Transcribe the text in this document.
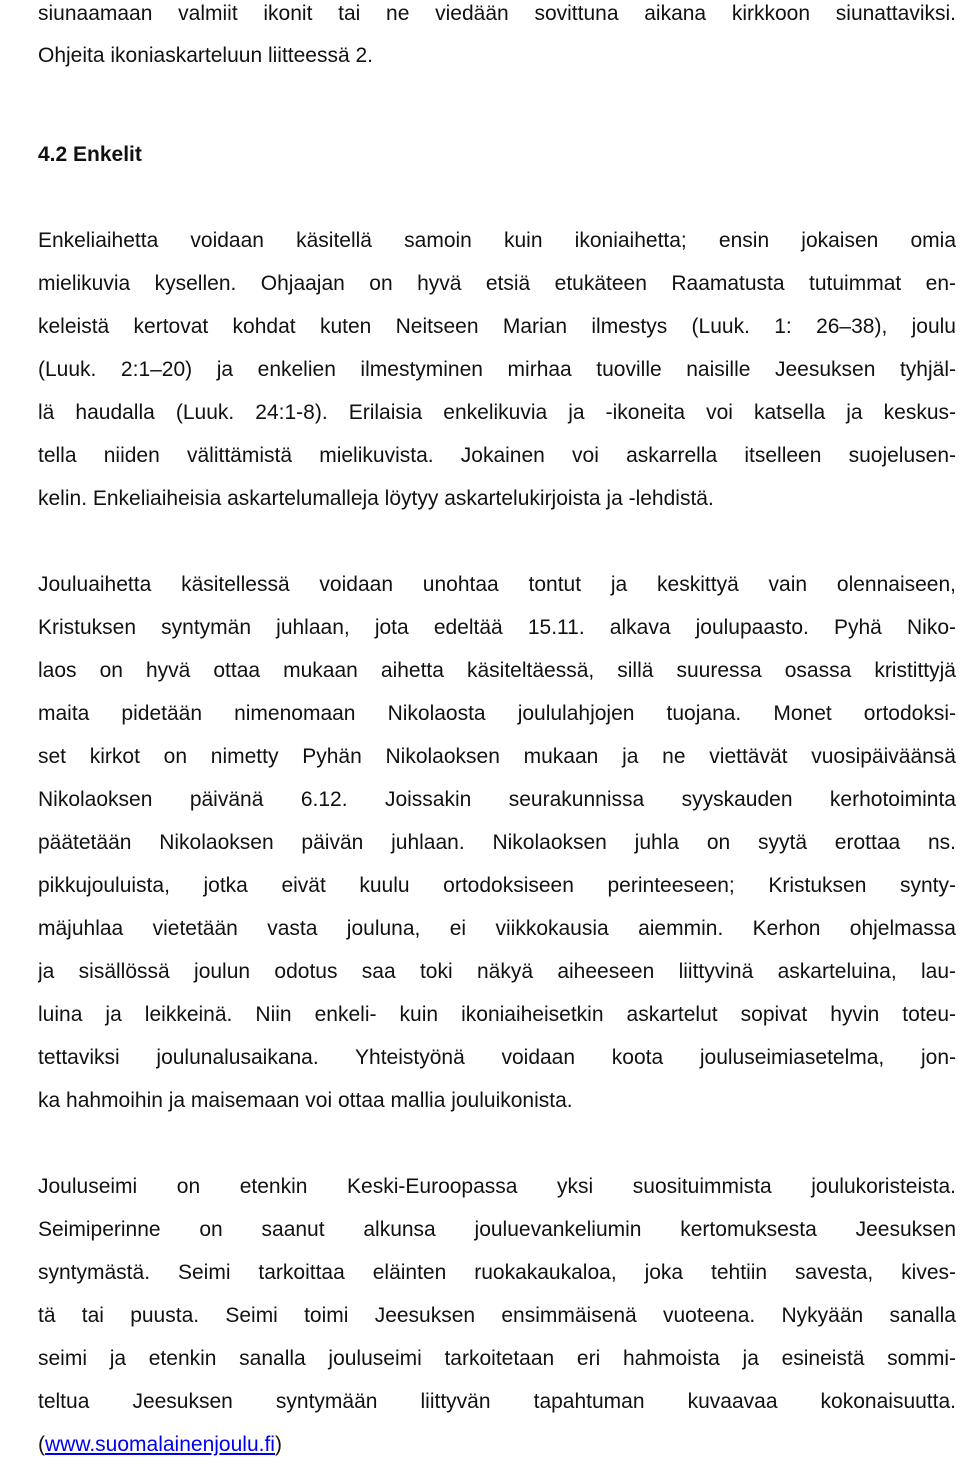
siunaamaan valmiit ikonit tai ne viedään sovittuna aikana kirkkoon siunattaviksi.
Ohjeita ikoniaskarteluun liitteessä 2.
4.2 Enkelit
Enkeliaihetta voidaan käsitellä samoin kuin ikoniaihetta; ensin jokaisen omia
mielikuvia kysellen. Ohjaajan on hyvä etsiä etukäteen Raamatusta tutuimmat en-
keleistä kertovat kohdat kuten Neitseen Marian ilmestys (Luuk. 1: 26–38), joulu
(Luuk. 2:1–20) ja enkelien ilmestyminen mirhaa tuoville naisille Jeesuksen tyhjäl-
lä haudalla (Luuk. 24:1-8). Erilaisia enkelikuvia ja -ikoneita voi katsella ja keskus-
tella niiden välittämistä mielikuvista. Jokainen voi askarrella itselleen suojelusen-
kelin. Enkeliaiheisia askartelumalleja löytyy askartelukirjoista ja -lehdistä.
Jouluaihetta käsitellessä voidaan unohtaa tontut ja keskittyä vain olennaiseen,
Kristuksen syntymän juhlaan, jota edeltää 15.11. alkava joulupaasto. Pyhä Niko-
laos on hyvä ottaa mukaan aihetta käsiteltäessä, sillä suuressa osassa kristittyjä
maita pidetään nimenomaan Nikolaosta joululahjojen tuojana. Monet ortodoksi-
set kirkot on nimetty Pyhän Nikolaoksen mukaan ja ne viettävät vuosipäiväänsä
Nikolaoksen päivänä 6.12. Joissakin seurakunnissa syyskauden kerhotoiminta
päätetään Nikolaoksen päivän juhlaan. Nikolaoksen juhla on syytä erottaa ns.
pikkujouluista, jotka eivät kuulu ortodoksiseen perinteeseen; Kristuksen synty-
mäjuhlaa vietetään vasta jouluna, ei viikkokausia aiemmin. Kerhon ohjelmassa
ja sisällössä joulun odotus saa toki näkyä aiheeseen liittyvinä askarteluina, lau-
luina ja leikkeinä. Niin enkeli- kuin ikoniaiheisetkin askartelut sopivat hyvin toteu-
tettaviksi joulunalusaikana. Yhteistyönä voidaan koota jouluseimiasetelma, jon-
ka hahmoihin ja maisemaan voi ottaa mallia jouluikonista.
Jouluseimi on etenkin Keski-Euroopassa yksi suosituimmista joulukoristeista.
Seimiperinne on saanut alkunsa jouluevankeliumin kertomuksesta Jeesuksen
syntymästä. Seimi tarkoittaa eläinten ruokakaukaloa, joka tehtiin savesta, kives-
tä tai puusta. Seimi toimi Jeesuksen ensimmäisenä vuoteena. Nykyään sanalla
seimi ja etenkin sanalla jouluseimi tarkoitetaan eri hahmoista ja esineistä sommi-
teltua Jeesuksen syntymään liittyvän tapahtuman kuvaavaa kokonaisuutta.
(www.suomalainenjoulu.fi)
